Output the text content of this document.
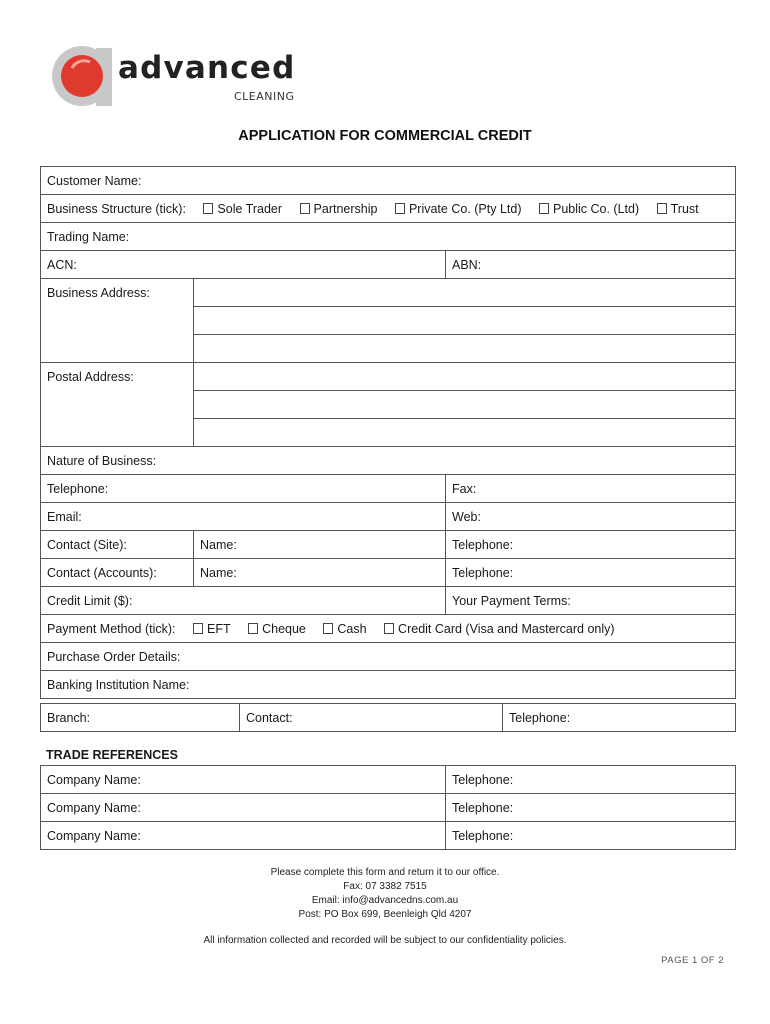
advanced
CLEANING
APPLICATION FOR COMMERCIAL CREDIT
Customer Name:		
Business Structure (tick): Sole Trader Partnership Private Co. (Pty Ltd) Public Co. (Ltd) Trust		
Trading Name:		
ACN:		ABN:
Business Address:		

Postal Address:		

Nature of Business:		
Telephone:		Fax:
Email:		Web:
Contact (Site):	Name:	Telephone:
Contact (Accounts):	Name:	Telephone:
Credit Limit ($):		Your Payment Terms:
Payment Method (tick): EFT Cheque Cash Credit Card (Visa and Mastercard only)		
Purchase Order Details:		
Banking Institution Name:		
Branch:	Contact:	Telephone:
TRADE REFERENCES
Company Name:	Telephone:
Company Name:	Telephone:
Company Name:	Telephone:
Please complete this form and return it to our office.
Fax: 07 3382 7515
Email: info@advancedns.com.au
Post: PO Box 699, Beenleigh Qld 4207
All information collected and recorded will be subject to our confidentiality policies.
PAGE 1 OF 2
